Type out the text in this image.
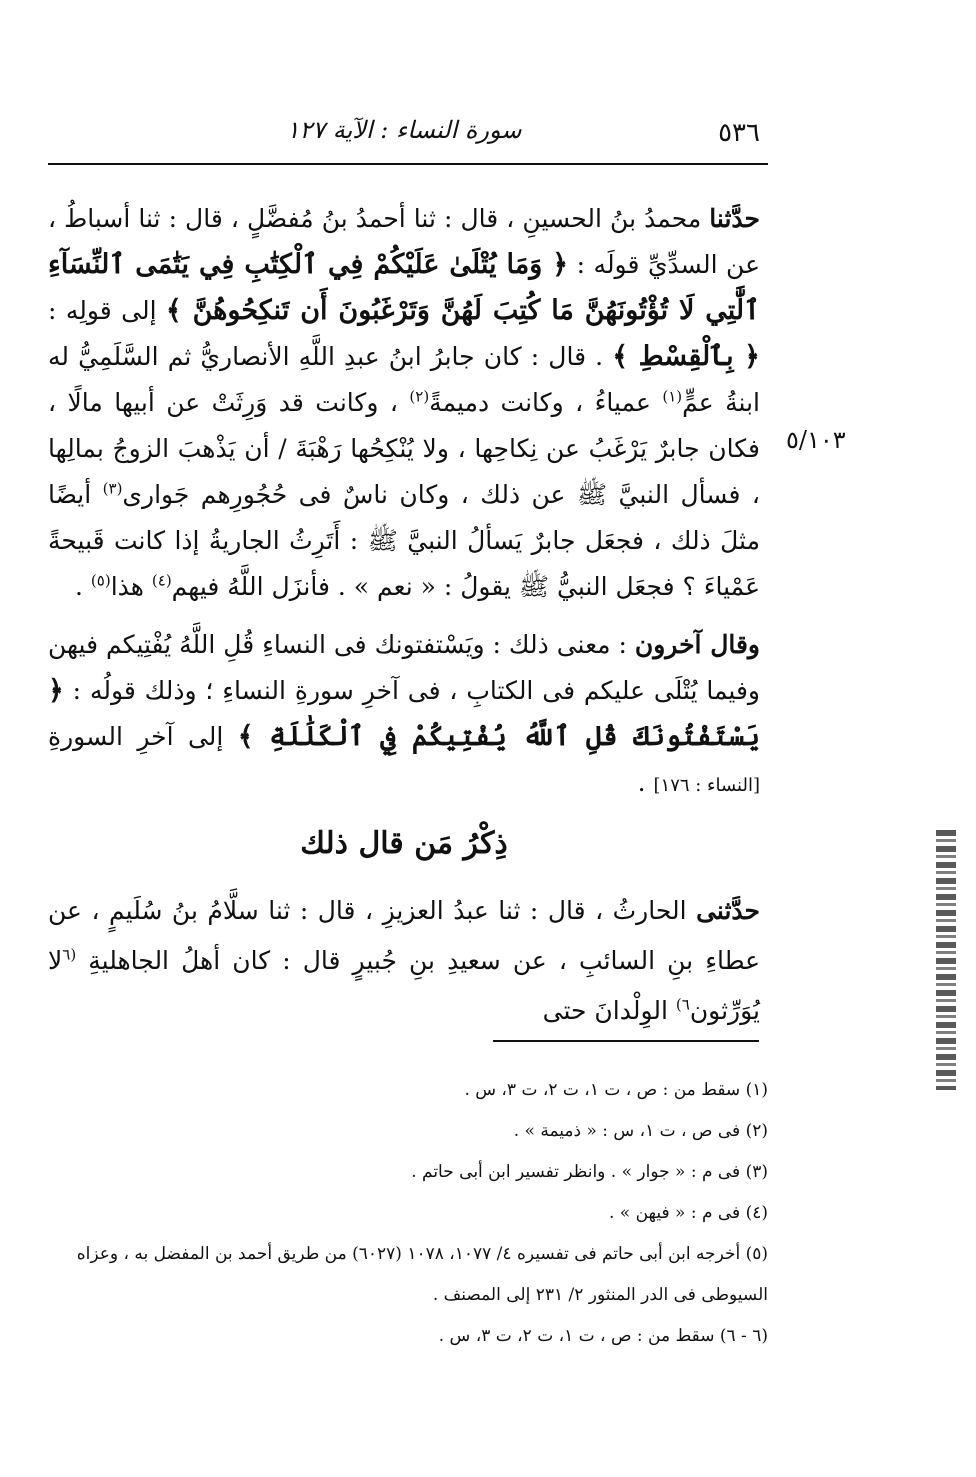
٥٣٦
سورة النساء : الآية ١٢٧
٥/١٠٣

حدَّثنا محمدُ بنُ الحسينِ ، قال : ثنا أحمدُ بنُ مُفضَّلٍ ، قال : ثنا أسباطُ ، عن السدِّيِّ قولَه : ﴿ وَمَا يُتْلَىٰ عَلَيْكُمْ فِي ٱلْكِتَٰبِ فِي يَتَٰمَى ٱلنِّسَآءِ ٱلَّٰتِي لَا تُؤْتُونَهُنَّ مَا كُتِبَ لَهُنَّ وَتَرْغَبُونَ أَن تَنكِحُوهُنَّ ﴾ إلى قولِه : ﴿ بِٱلْقِسْطِ ﴾ . قال : كان جابرُ ابنُ عبدِ اللَّهِ الأنصاريُّ ثم السَّلَمِيُّ له ابنةُ عمٍّ$^{(١)}$ عمياءُ ، وكانت دميمةً$^{(٢)}$ ، وكانت قد وَرِثَتْ عن أبيها مالًا ، فكان جابرٌ يَرْغَبُ عن نِكاحِها ، ولا يُنْكِحُها رَهْبَةَ / أن يَذْهبَ الزوجُ بمالِها ، فسأل النبيَّ ﷺ عن ذلك ، وكان ناسٌ فى حُجُورِهم جَوارى$^{(٣)}$ أيضًا مثلَ ذلك ، فجعَل جابرٌ يَسألُ النبيَّ ﷺ : أَتَرِثُ الجاريةُ إذا كانت قَبيحةً عَمْياءَ ؟ فجعَل النبيُّ ﷺ يقولُ : « نعم » . فأنزَل اللَّهُ فيهم$^{(٤)}$ هذا$^{(٥)}$ .

وقال آخرون : معنى ذلك : ويَسْتفتونك فى النساءِ قُلِ اللَّهُ يُفْتِيكم فيهن وفيما يُتْلَى عليكم فى الكتابِ ، فى آخرِ سورةِ النساءِ ؛ وذلك قولُه : ﴿ يَسْتَفْتُونَكَ قُلِ ٱللَّهُ يُفْتِيكُمْ فِي ٱلْكَلَٰلَةِ ﴾ إلى آخرِ السورةِ [النساء : ١٧٦] .

ذِكْرُ مَن قال ذلك

حدَّثنى الحارثُ ، قال : ثنا عبدُ العزيزِ ، قال : ثنا سلَّامُ بنُ سُلَيمٍ ، عن عطاءِ بنِ السائبِ ، عن سعيدِ بنِ جُبيرٍ قال : كان أهلُ الجاهليةِ $^{(٦}$لا يُوَرِّثون$^{٦)}$ الوِلْدانَ حتى

(١) سقط من : ص ، ت ١، ت ٢، ت ٣، س .
(٢) فى ص ، ت ١، س : « ذميمة » .
(٣) فى م : « جوار » . وانظر تفسير ابن أبى حاتم .
(٤) فى م : « فيهن » .
(٥) أخرجه ابن أبى حاتم فى تفسيره ٤/ ١٠٧٧، ١٠٧٨ (٦٠٢٧) من طريق أحمد بن المفضل به ، وعزاه السيوطى فى الدر المنثور ٢/ ٢٣١ إلى المصنف .
(٦ - ٦) سقط من : ص ، ت ١، ت ٢، ت ٣، س .
